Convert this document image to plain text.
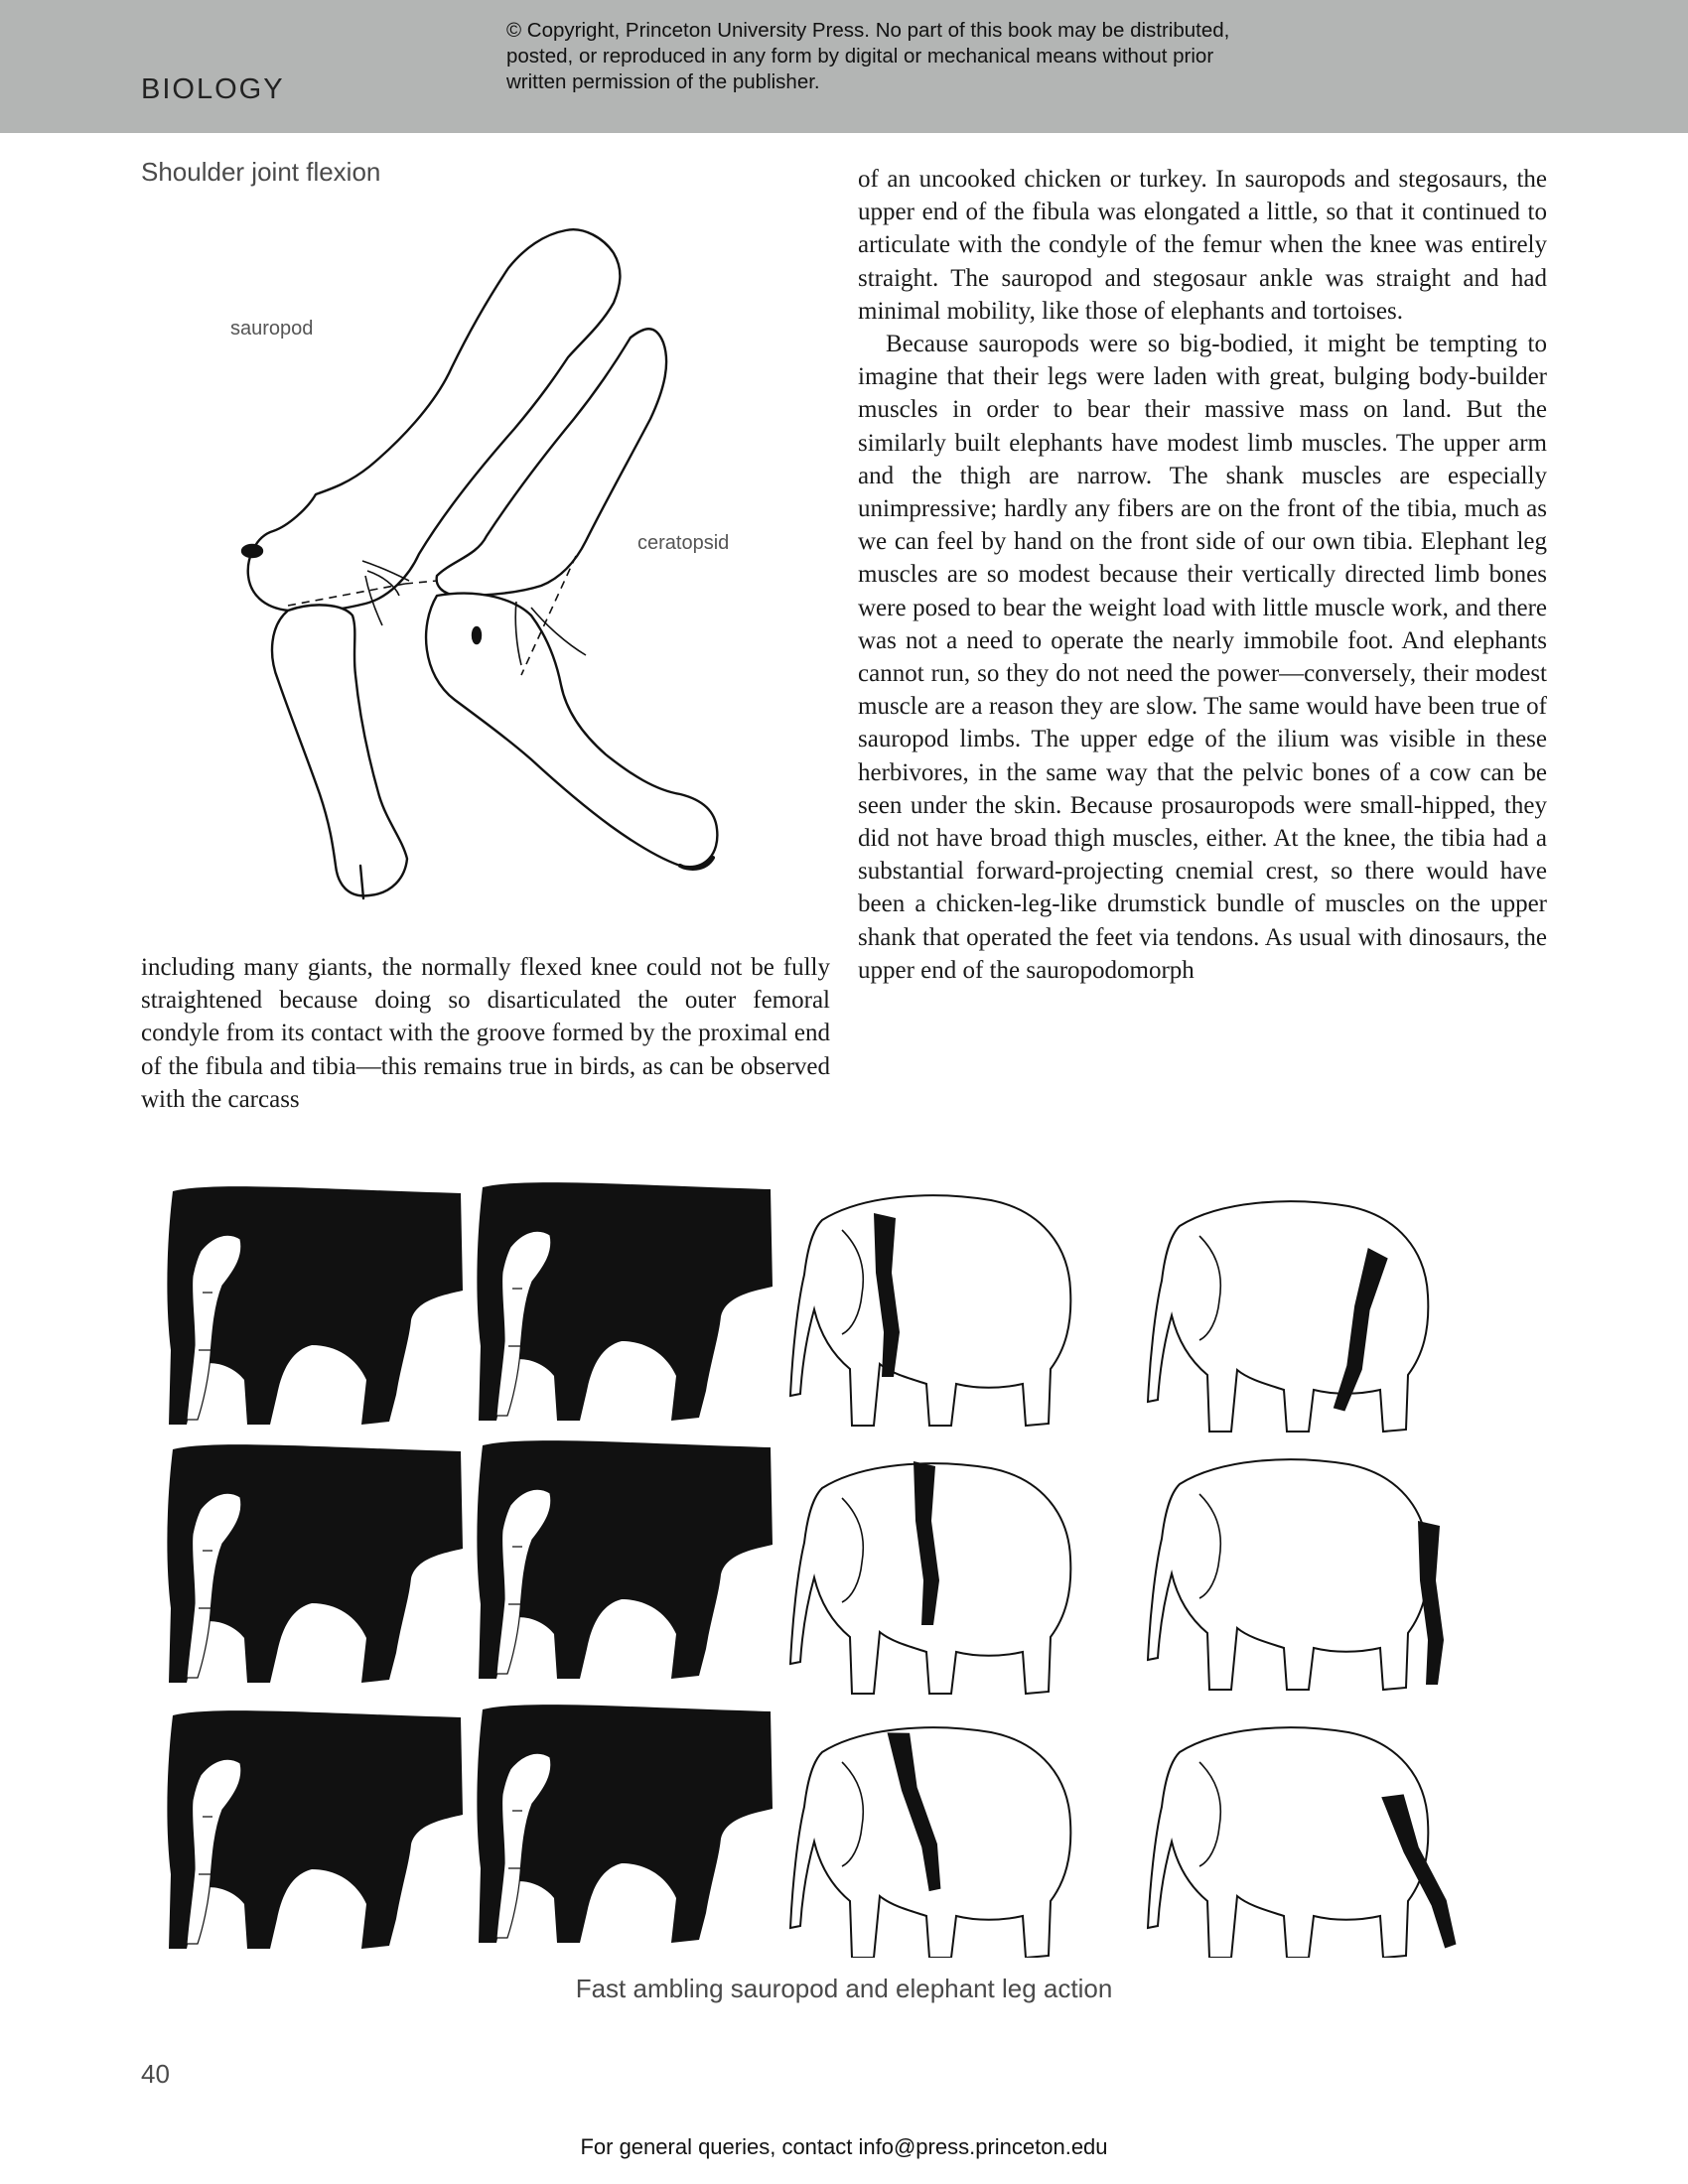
BIOLOGY
© Copyright, Princeton University Press. No part of this book may be distributed, posted, or reproduced in any form by digital or mechanical means without prior written permission of the publisher.
Shoulder joint flexion
sauropod
ceratopsid

of an uncooked chicken or turkey. In sauropods and stegosaurs, the upper end of the fibula was elongated a little, so that it continued to articulate with the condyle of the femur when the knee was entirely straight. The sauropod and stegosaur ankle was straight and had minimal mobility, like those of elephants and tortoises.

Because sauropods were so big-bodied, it might be tempting to imagine that their legs were laden with great, bulging body-builder muscles in order to bear their massive mass on land. But the similarly built elephants have modest limb muscles. The upper arm and the thigh are narrow. The shank muscles are especially unimpressive; hardly any fibers are on the front of the tibia, much as we can feel by hand on the front side of our own tibia. Elephant leg muscles are so modest because their vertically directed limb bones were posed to bear the weight load with little muscle work, and there was not a need to operate the nearly immobile foot. And elephants cannot run, so they do not need the power—conversely, their modest muscle are a reason they are slow. The same would have been true of sauropod limbs. The upper edge of the ilium was visible in these herbivores, in the same way that the pelvic bones of a cow can be seen under the skin. Because prosauropods were small-hipped, they did not have broad thigh muscles, either. At the knee, the tibia had a substantial forward-projecting cnemial crest, so there would have been a chicken-leg-like drumstick bundle of muscles on the upper shank that operated the feet via tendons. As usual with dinosaurs, the upper end of the sauropodomorph

including many giants, the normally flexed knee could not be fully straightened because doing so disarticulated the outer femoral condyle from its contact with the groove formed by the proximal end of the fibula and tibia—this remains true in birds, as can be observed with the carcass

Fast ambling sauropod and elephant leg action
40
For general queries, contact info@press.princeton.edu
